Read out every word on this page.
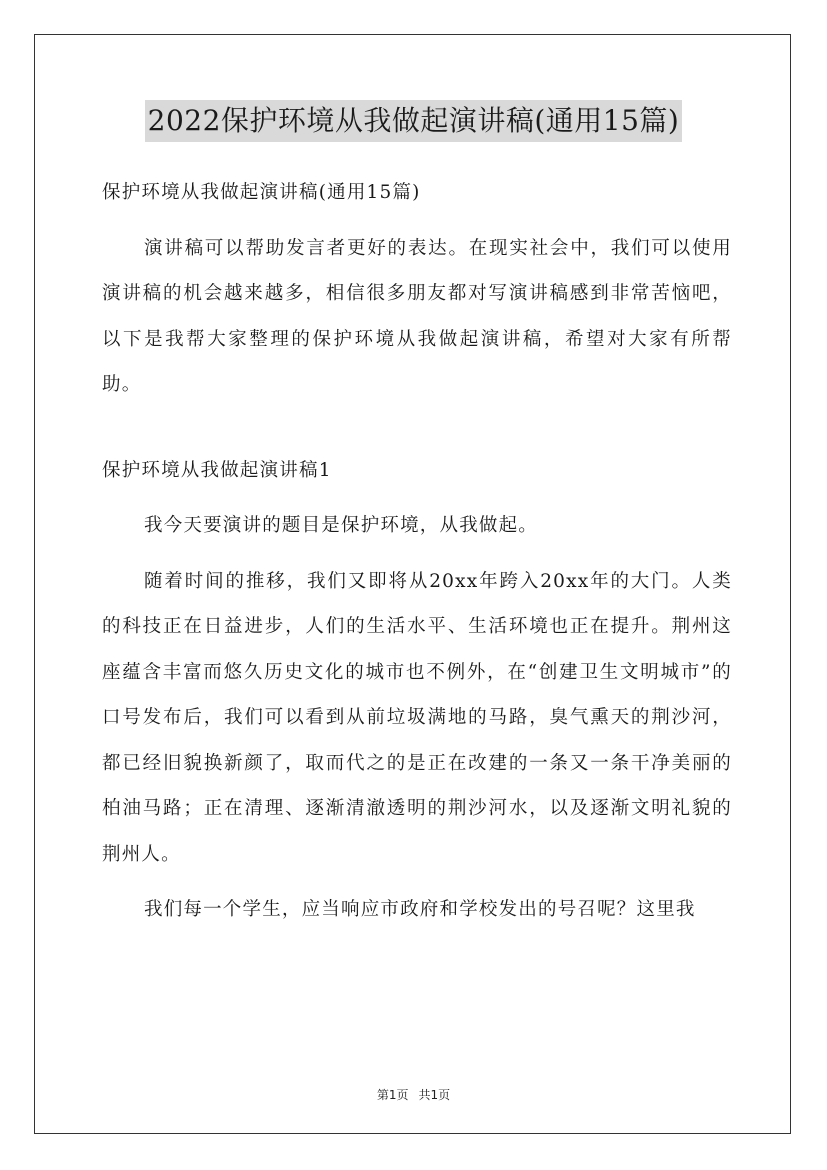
2022保护环境从我做起演讲稿(通用15篇)

保护环境从我做起演讲稿(通用15篇)

演讲稿可以帮助发言者更好的表达。在现实社会中，我们可以使用演讲稿的机会越来越多，相信很多朋友都对写演讲稿感到非常苦恼吧，以下是我帮大家整理的保护环境从我做起演讲稿，希望对大家有所帮助。

保护环境从我做起演讲稿1

我今天要演讲的题目是保护环境，从我做起。

随着时间的推移，我们又即将从20xx年跨入20xx年的大门。人类的科技正在日益进步，人们的生活水平、生活环境也正在提升。荆州这座蕴含丰富而悠久历史文化的城市也不例外，在“创建卫生文明城市”的口号发布后，我们可以看到从前垃圾满地的马路，臭气熏天的荆沙河，都已经旧貌换新颜了，取而代之的是正在改建的一条又一条干净美丽的柏油马路；正在清理、逐渐清澈透明的荆沙河水，以及逐渐文明礼貌的荆州人。

我们每一个学生，应当响应市政府和学校发出的号召呢？这里我

第1页 共1页
